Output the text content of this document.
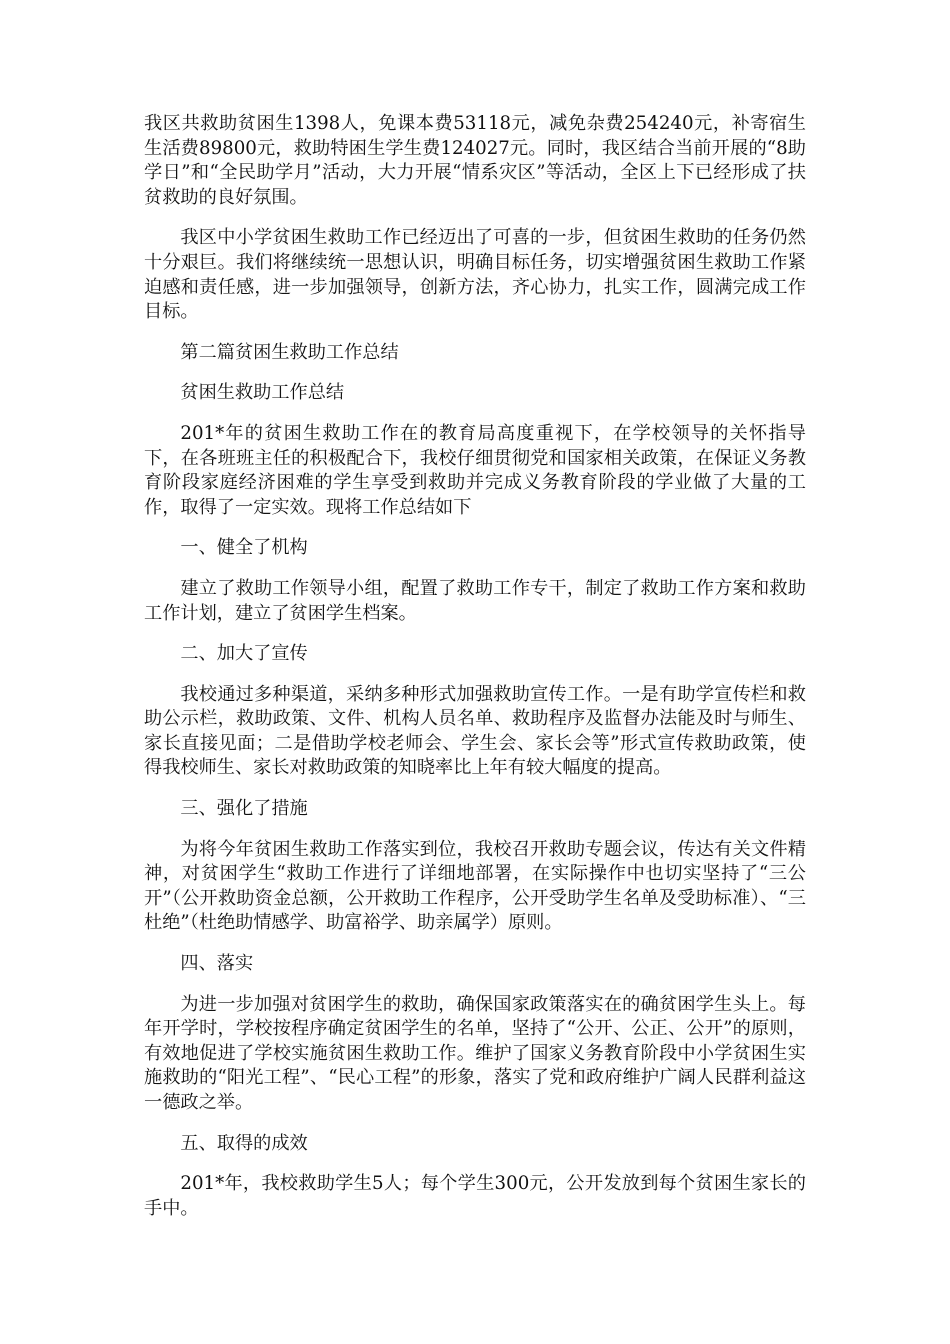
我区共救助贫困生1398人，免课本费53118元，减免杂费254240元，补寄宿生生活费89800元，救助特困生学生费124027元。同时，我区结合当前开展的“8助学日”和“全民助学月”活动，大力开展“情系灾区”等活动，全区上下已经形成了扶贫救助的良好氛围。

我区中小学贫困生救助工作已经迈出了可喜的一步，但贫困生救助的任务仍然十分艰巨。我们将继续统一思想认识，明确目标任务，切实增强贫困生救助工作紧迫感和责任感，进一步加强领导，创新方法，齐心协力，扎实工作，圆满完成工作目标。

第二篇贫困生救助工作总结

贫困生救助工作总结

201*年的贫困生救助工作在的教育局高度重视下，在学校领导的关怀指导下，在各班班主任的积极配合下，我校仔细贯彻党和国家相关政策，在保证义务教育阶段家庭经济困难的学生享受到救助并完成义务教育阶段的学业做了大量的工作，取得了一定实效。现将工作总结如下

一、健全了机构

建立了救助工作领导小组，配置了救助工作专干，制定了救助工作方案和救助工作计划，建立了贫困学生档案。

二、加大了宣传

我校通过多种渠道，采纳多种形式加强救助宣传工作。一是有助学宣传栏和救助公示栏，救助政策、文件、机构人员名单、救助程序及监督办法能及时与师生、家长直接见面；二是借助学校老师会、学生会、家长会等”形式宣传救助政策，使得我校师生、家长对救助政策的知晓率比上年有较大幅度的提高。

三、强化了措施

为将今年贫困生救助工作落实到位，我校召开救助专题会议，传达有关文件精神，对贫困学生“救助工作进行了详细地部署，在实际操作中也切实坚持了“三公开”（公开救助资金总额，公开救助工作程序，公开受助学生名单及受助标准）、“三杜绝”（杜绝助情感学、助富裕学、助亲属学）原则。

四、落实

为进一步加强对贫困学生的救助，确保国家政策落实在的确贫困学生头上。每年开学时，学校按程序确定贫困学生的名单，坚持了“公开、公正、公开”的原则，有效地促进了学校实施贫困生救助工作。维护了国家义务教育阶段中小学贫困生实施救助的“阳光工程”、“民心工程”的形象，落实了党和政府维护广阔人民群利益这一德政之举。

五、取得的成效

201*年，我校救助学生5人；每个学生300元，公开发放到每个贫困生家长的手中。
